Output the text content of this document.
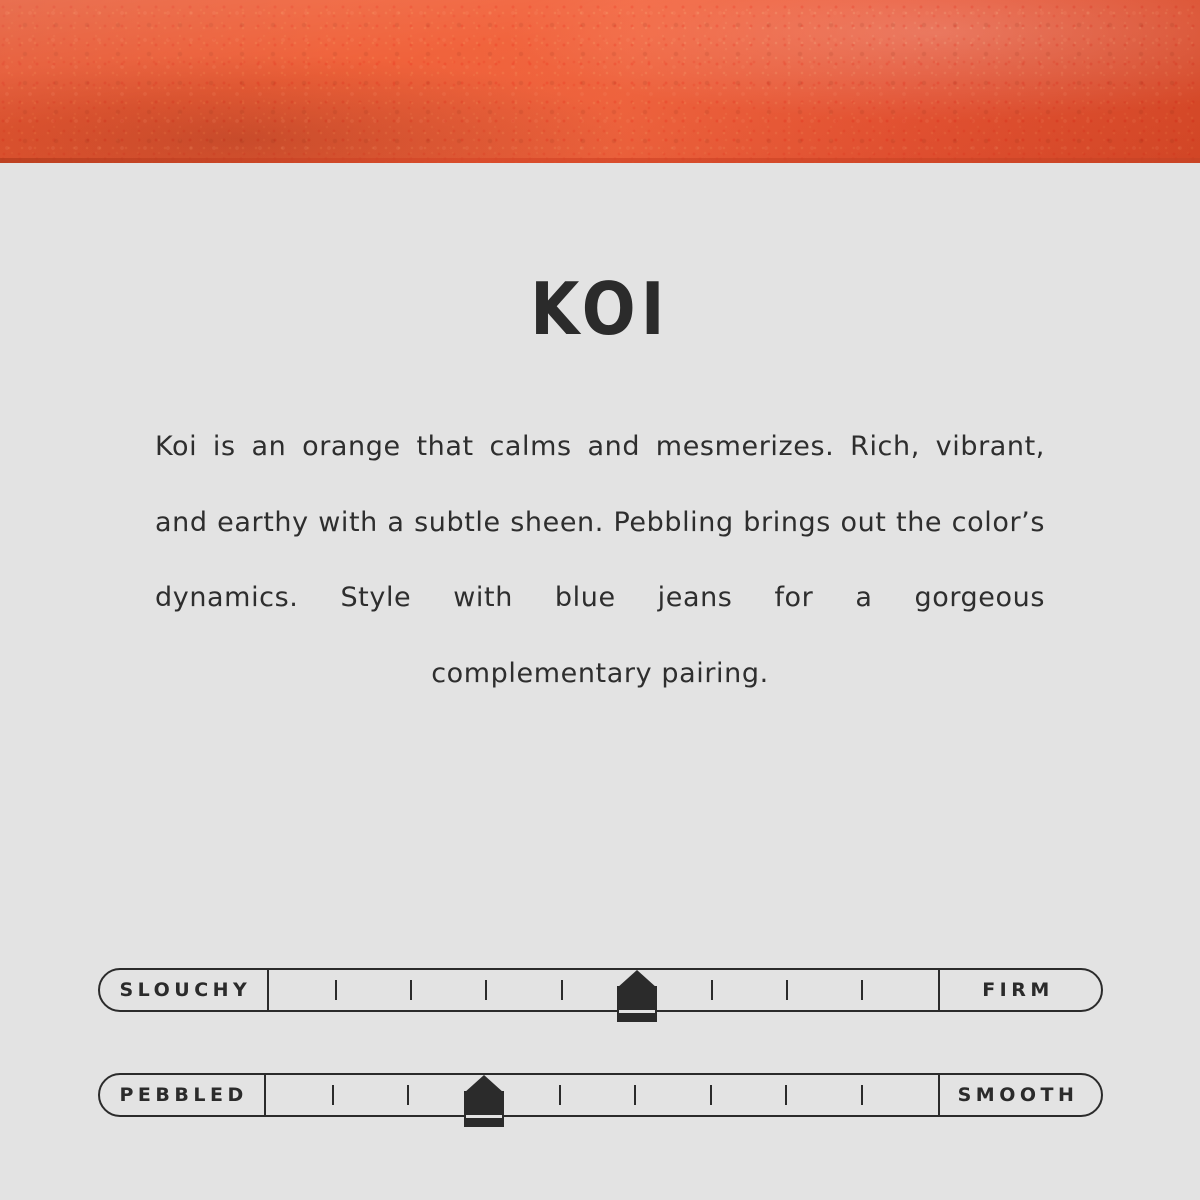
KOI

Koi is an orange that calms and mesmerizes. Rich, vibrant, and earthy with a subtle sheen. Pebbling brings out the color’s dynamics. Style with blue jeans for a gorgeous complementary pairing.

SLOUCHY	FIRM
PEBBLED	SMOOTH
